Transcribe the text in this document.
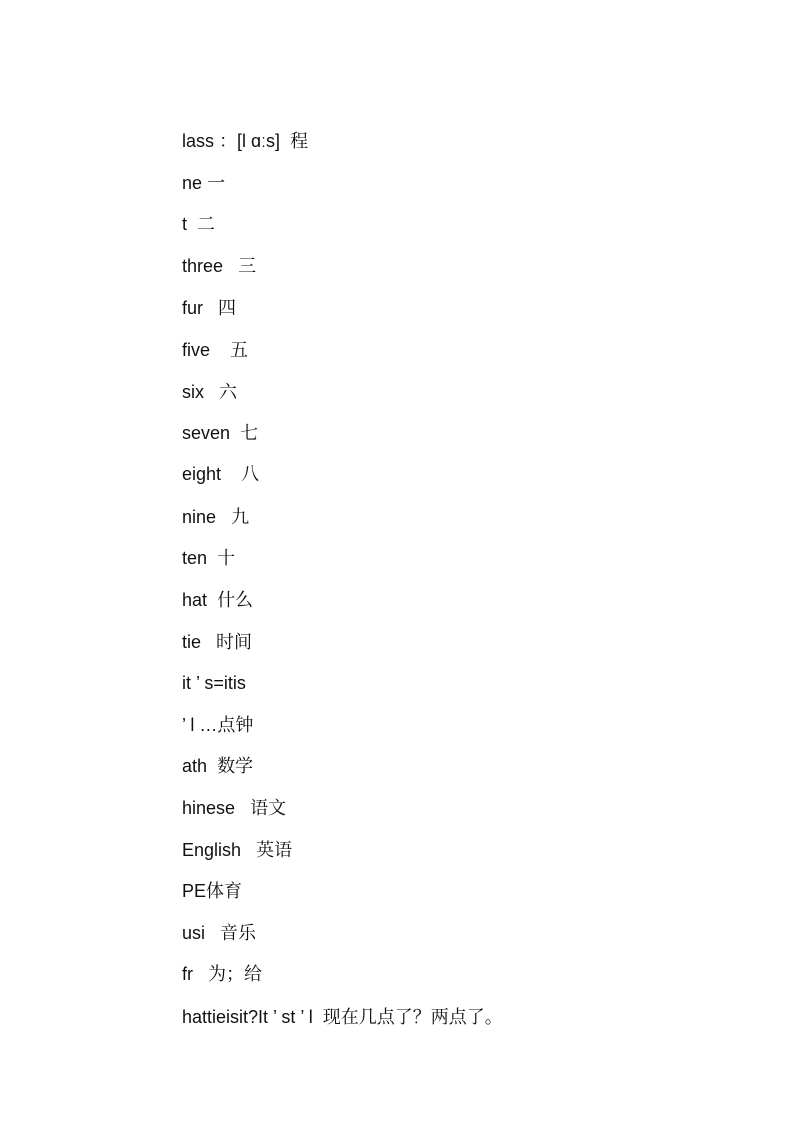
lass ：[l ɑːs] 程

ne 一

t 二

three 三

fur 四

five 五

six 六

seven 七

eight 八

nine 九

ten 十

hat 什么

tie 时间

it ’ s=itis

’ l …点钟

ath 数学

hinese 语文

English 英语

PE体育

usi 音乐

fr 为；给

hattieisit?It ’ st ’ l 现在几点了？两点了。
